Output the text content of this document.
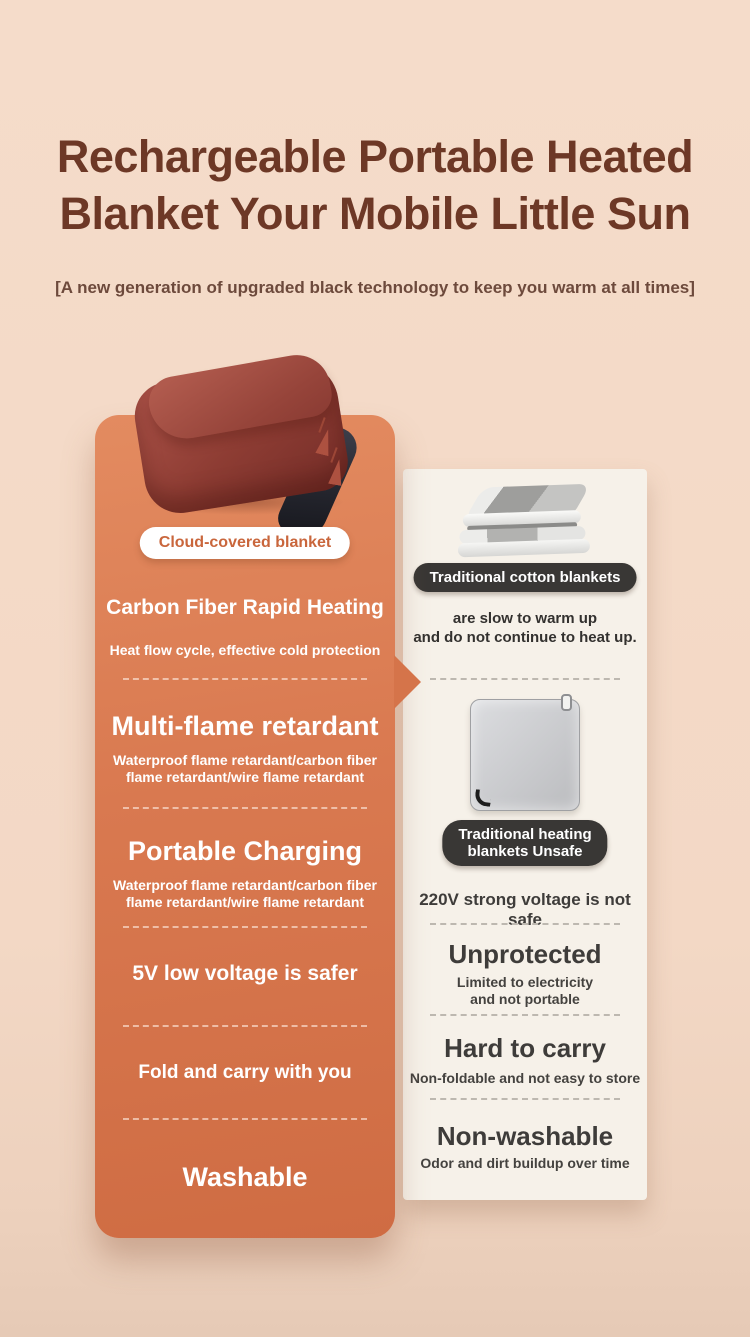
Rechargeable Portable Heated
Blanket Your Mobile Little Sun
[A new generation of upgraded black technology to keep you warm at all times]
Cloud-covered blanket
Carbon Fiber Rapid Heating
Heat flow cycle, effective cold protection
Multi-flame retardant
Waterproof flame retardant/carbon fiber
flame retardant/wire flame retardant
Portable Charging
Waterproof flame retardant/carbon fiber
flame retardant/wire flame retardant
5V low voltage is safer
Fold and carry with you
Washable
Traditional cotton blankets
are slow to warm up
and do not continue to heat up.
Traditional heating
blankets Unsafe
220V strong voltage is not safe
Unprotected
Limited to electricity
and not portable
Hard to carry
Non-foldable and not easy to store
Non-washable
Odor and dirt buildup over time
